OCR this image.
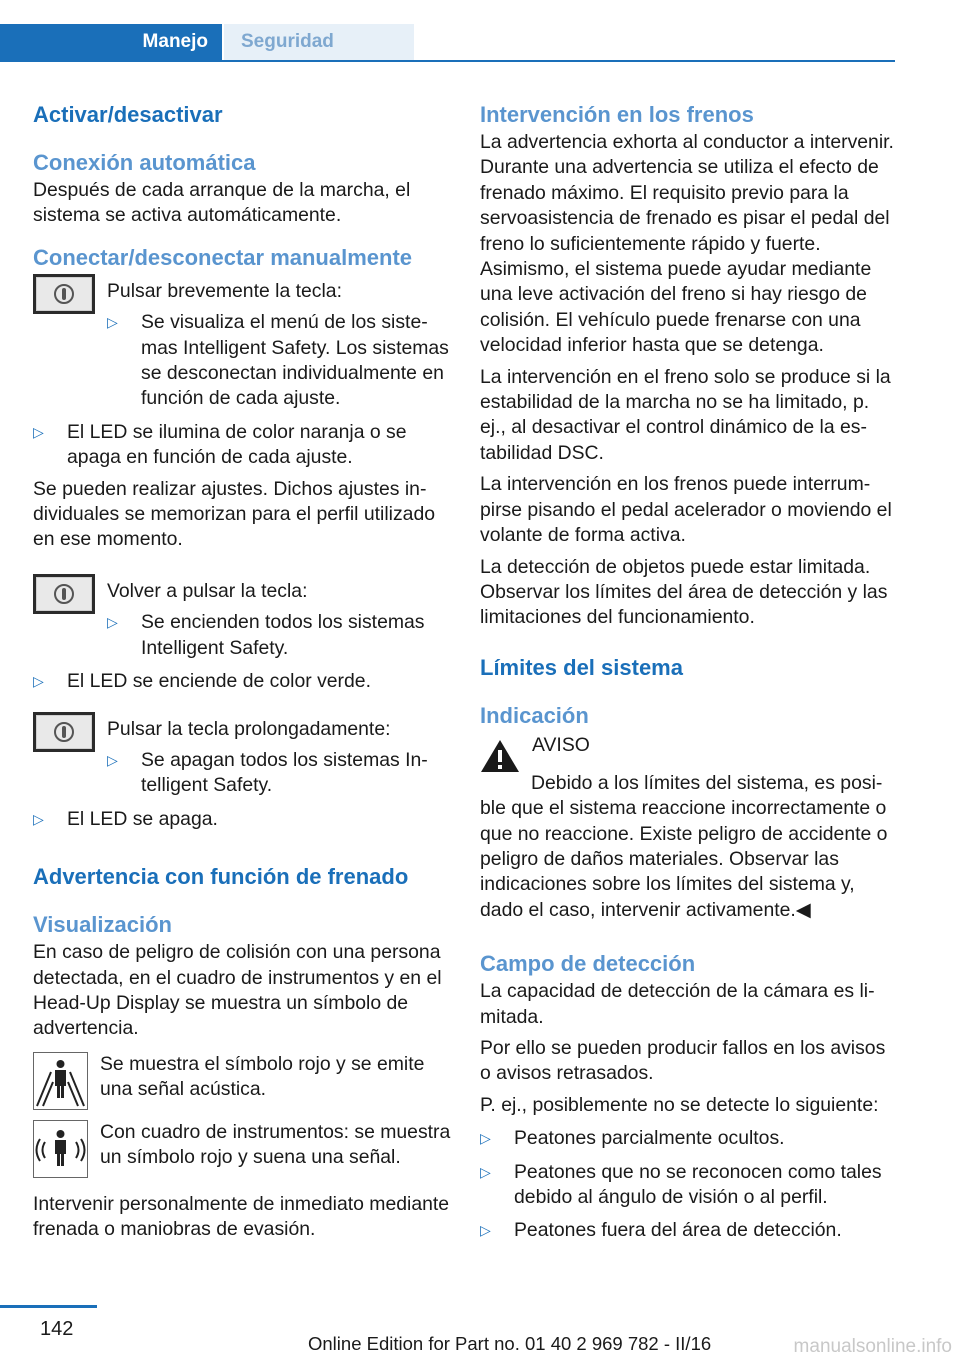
Manejo	Seguridad
Activar/desactivar
Conexión automática

Después de cada arranque de la marcha, el sistema se activa automáticamente.

Conectar/desconectar manualmente

Pulsar brevemente la tecla:

▷	Se visualiza el menú de los sistemas Intelligent Safety. Los sistemas se desconectan individualmente en función de cada ajuste.
▷	El LED se ilumina de color naranja o se apaga en función de cada ajuste.

Se pueden realizar ajustes. Dichos ajustes individuales se memorizan para el perfil utilizado en ese momento.

Volver a pulsar la tecla:

▷	Se encienden todos los sistemas Intelligent Safety.
▷	El LED se enciende de color verde.

Pulsar la tecla prolongadamente:

▷	Se apagan todos los sistemas Intelligent Safety.
▷	El LED se apaga.
Advertencia con función de frenado
Visualización

En caso de peligro de colisión con una persona detectada, en el cuadro de instrumentos y en el Head-Up Display se muestra un símbolo de advertencia.

Se muestra el símbolo rojo y se emite una señal acústica.

Con cuadro de instrumentos: se muestra un símbolo rojo y suena una señal.

Intervenir personalmente de inmediato mediante frenada o maniobras de evasión.

Intervención en los frenos

La advertencia exhorta al conductor a intervenir. Durante una advertencia se utiliza el efecto de frenado máximo. El requisito previo para la servoasistencia de frenado es pisar el pedal del freno lo suficientemente rápido y fuerte. Asimismo, el sistema puede ayudar mediante una leve activación del freno si hay riesgo de colisión. El vehículo puede frenarse con una velocidad inferior hasta que se detenga.

La intervención en el freno solo se produce si la estabilidad de la marcha no se ha limitado, p. ej., al desactivar el control dinámico de la estabilidad DSC.

La intervención en los frenos puede interrumpirse pisando el pedal acelerador o moviendo el volante de forma activa.

La detección de objetos puede estar limitada. Observar los límites del área de detección y las limitaciones del funcionamiento.

Límites del sistema
Indicación

AVISO

Debido a los límites del sistema, es posible que el sistema reaccione incorrectamente o que no reaccione. Existe peligro de accidente o peligro de daños materiales. Observar las indicaciones sobre los límites del sistema y, dado el caso, intervenir activamente.◀

Campo de detección

La capacidad de detección de la cámara es limitada.

Por ello se pueden producir fallos en los avisos o avisos retrasados.

P. ej., posiblemente no se detecte lo siguiente:

▷	Peatones parcialmente ocultos.
▷	Peatones que no se reconocen como tales debido al ángulo de visión o al perfil.
▷	Peatones fuera del área de detección.
142
Online Edition for Part no. 01 40 2 969 782 - II/16	manualsonline.info
